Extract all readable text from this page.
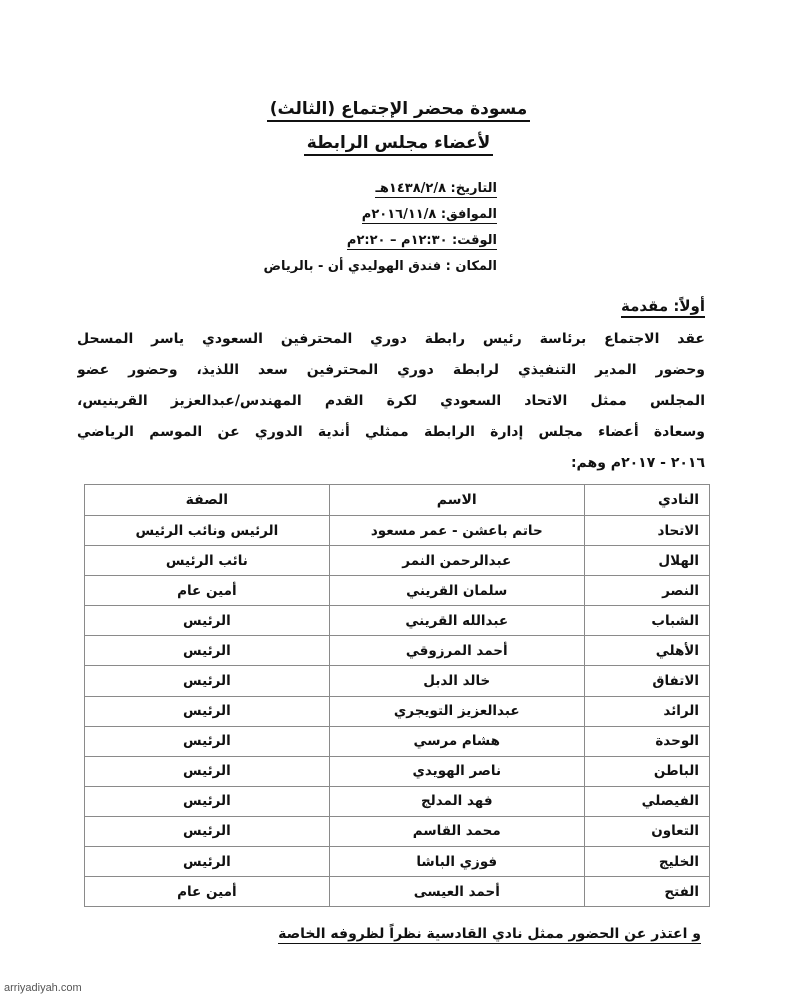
مسودة محضر الإجتماع (الثالث)
لأعضاء مجلس الرابطة
التاريخ: ١٤٣٨/٢/٨هـ
الموافق: ٢٠١٦/١١/٨م
الوقت: ١٢:٣٠م – ٢:٢٠م
المكان : فندق الهوليدي أن - بالرياض
أولاً: مقدمة
عقد الاجتماع برئاسة رئيس رابطة دوري المحترفين السعودي ياسر المسحل
وحضور المدير التنفيذي لرابطة دوري المحترفين سعد اللذيذ، وحضور عضو
المجلس ممثل الاتحاد السعودي لكرة القدم المهندس/عبدالعزيز القرينيس،
وسعادة أعضاء مجلس إدارة الرابطة ممثلي أندية الدوري عن الموسم الرياضي
٢٠١٦ - ٢٠١٧م وهم:
النادي	الاسم	الصفة
الاتحاد	حاتم باعشن - عمر مسعود	الرئيس ونائب الرئيس
الهلال	عبدالرحمن النمر	نائب الرئيس
النصر	سلمان القريني	أمين عام
الشباب	عبدالله القريني	الرئيس
الأهلي	أحمد المرزوقي	الرئيس
الاتفاق	خالد الدبل	الرئيس
الرائد	عبدالعزيز التويجري	الرئيس
الوحدة	هشام مرسي	الرئيس
الباطن	ناصر الهويدي	الرئيس
الفيصلي	فهد المدلج	الرئيس
التعاون	محمد القاسم	الرئيس
الخليج	فوزي الباشا	الرئيس
الفتح	أحمد العيسى	أمين عام
و اعتذر عن الحضور ممثل نادي القادسية نظراً لظروفه الخاصة
arriyadiyah.com
